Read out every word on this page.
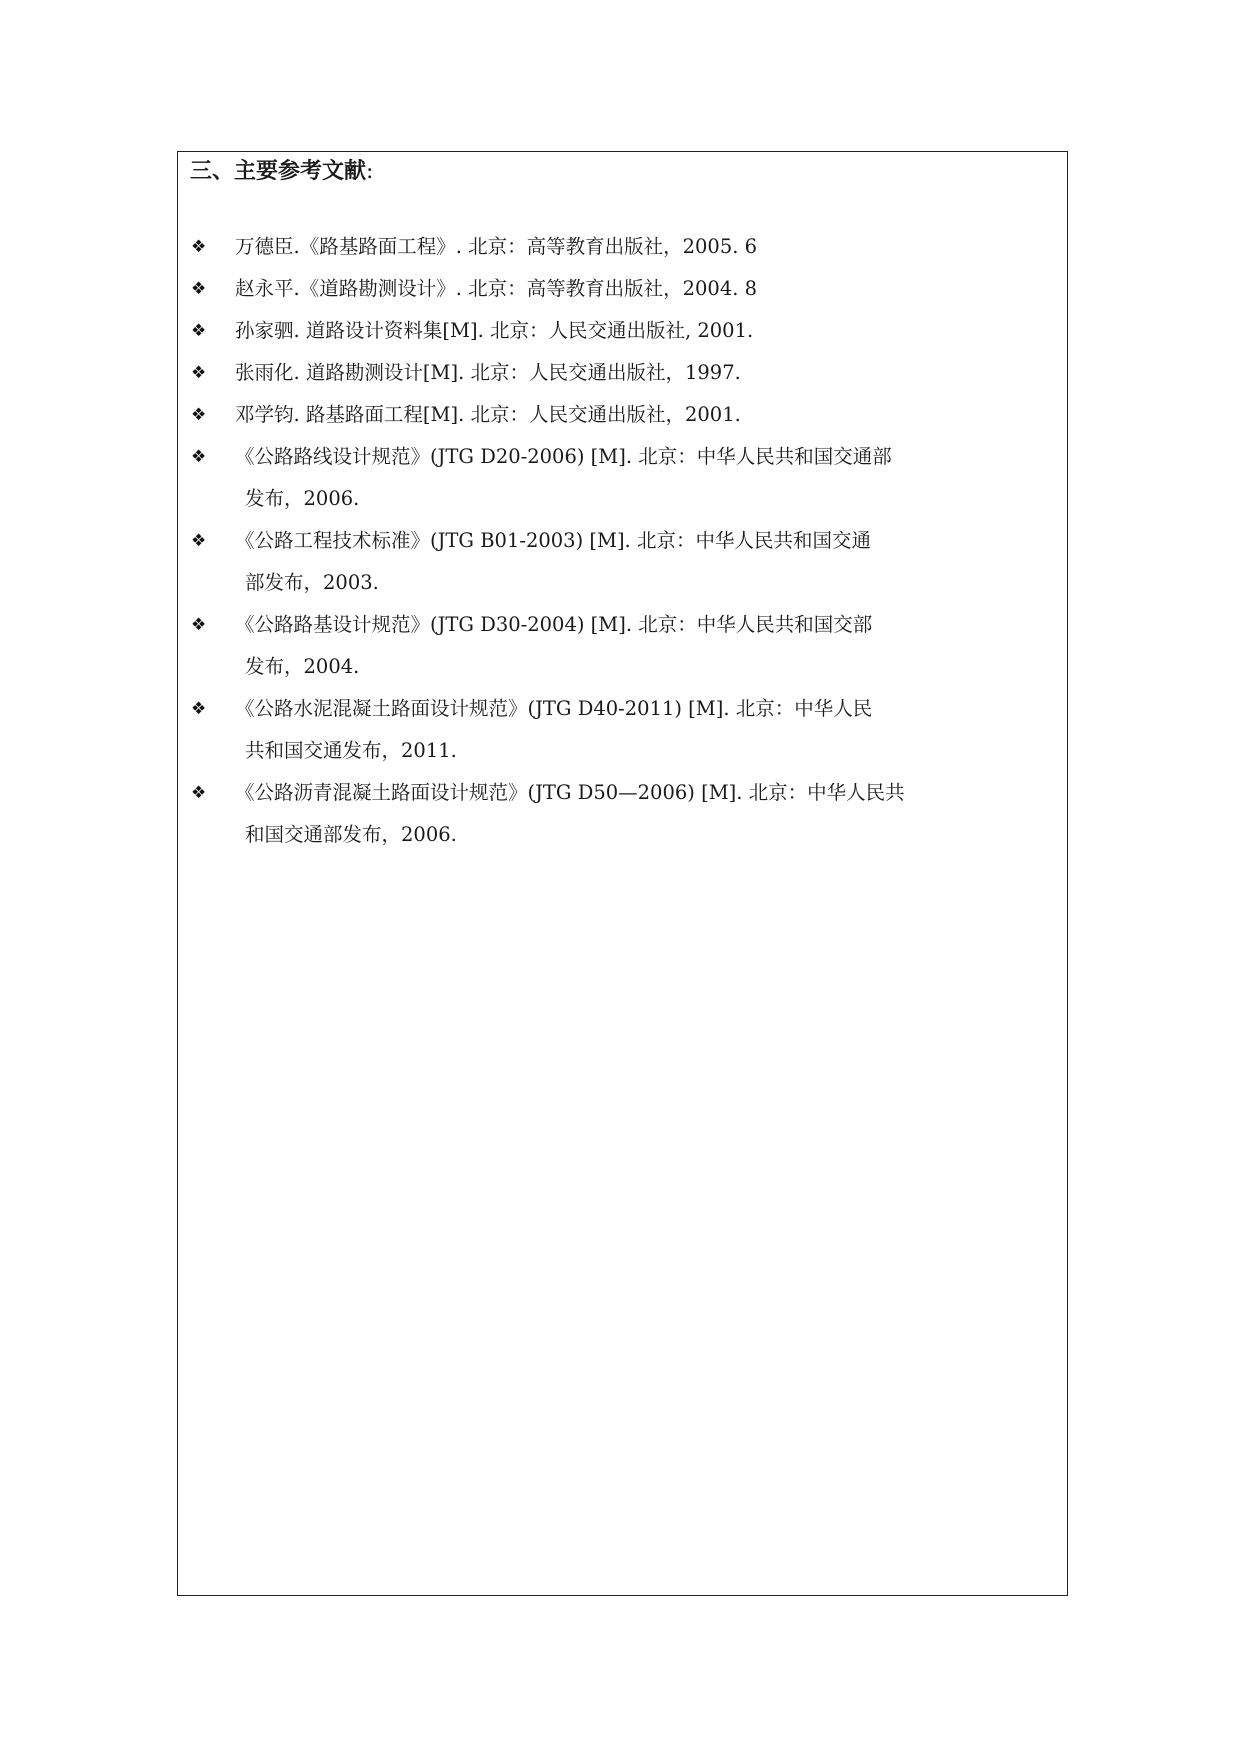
三、主要参考文献:
❖ 万德臣.《路基路面工程》. 北京：高等教育出版社，2005. 6
❖ 赵永平.《道路勘测设计》. 北京：高等教育出版社，2004. 8
❖ 孙家驷. 道路设计资料集[M]. 北京：人民交通出版社, 2001.
❖ 张雨化. 道路勘测设计[M]. 北京：人民交通出版社，1997.
❖ 邓学钧. 路基路面工程[M]. 北京：人民交通出版社，2001.
❖ 《公路路线设计规范》(JTG D20-2006) [M]. 北京：中华人民共和国交通部
发布，2006.
❖ 《公路工程技术标准》(JTG B01-2003) [M]. 北京：中华人民共和国交通
部发布，2003.
❖ 《公路路基设计规范》(JTG D30-2004) [M]. 北京：中华人民共和国交部
发布，2004.
❖ 《公路水泥混凝土路面设计规范》(JTG D40-2011) [M]. 北京：中华人民
共和国交通发布，2011.
❖ 《公路沥青混凝土路面设计规范》(JTG D50—2006) [M]. 北京：中华人民共
和国交通部发布，2006.
